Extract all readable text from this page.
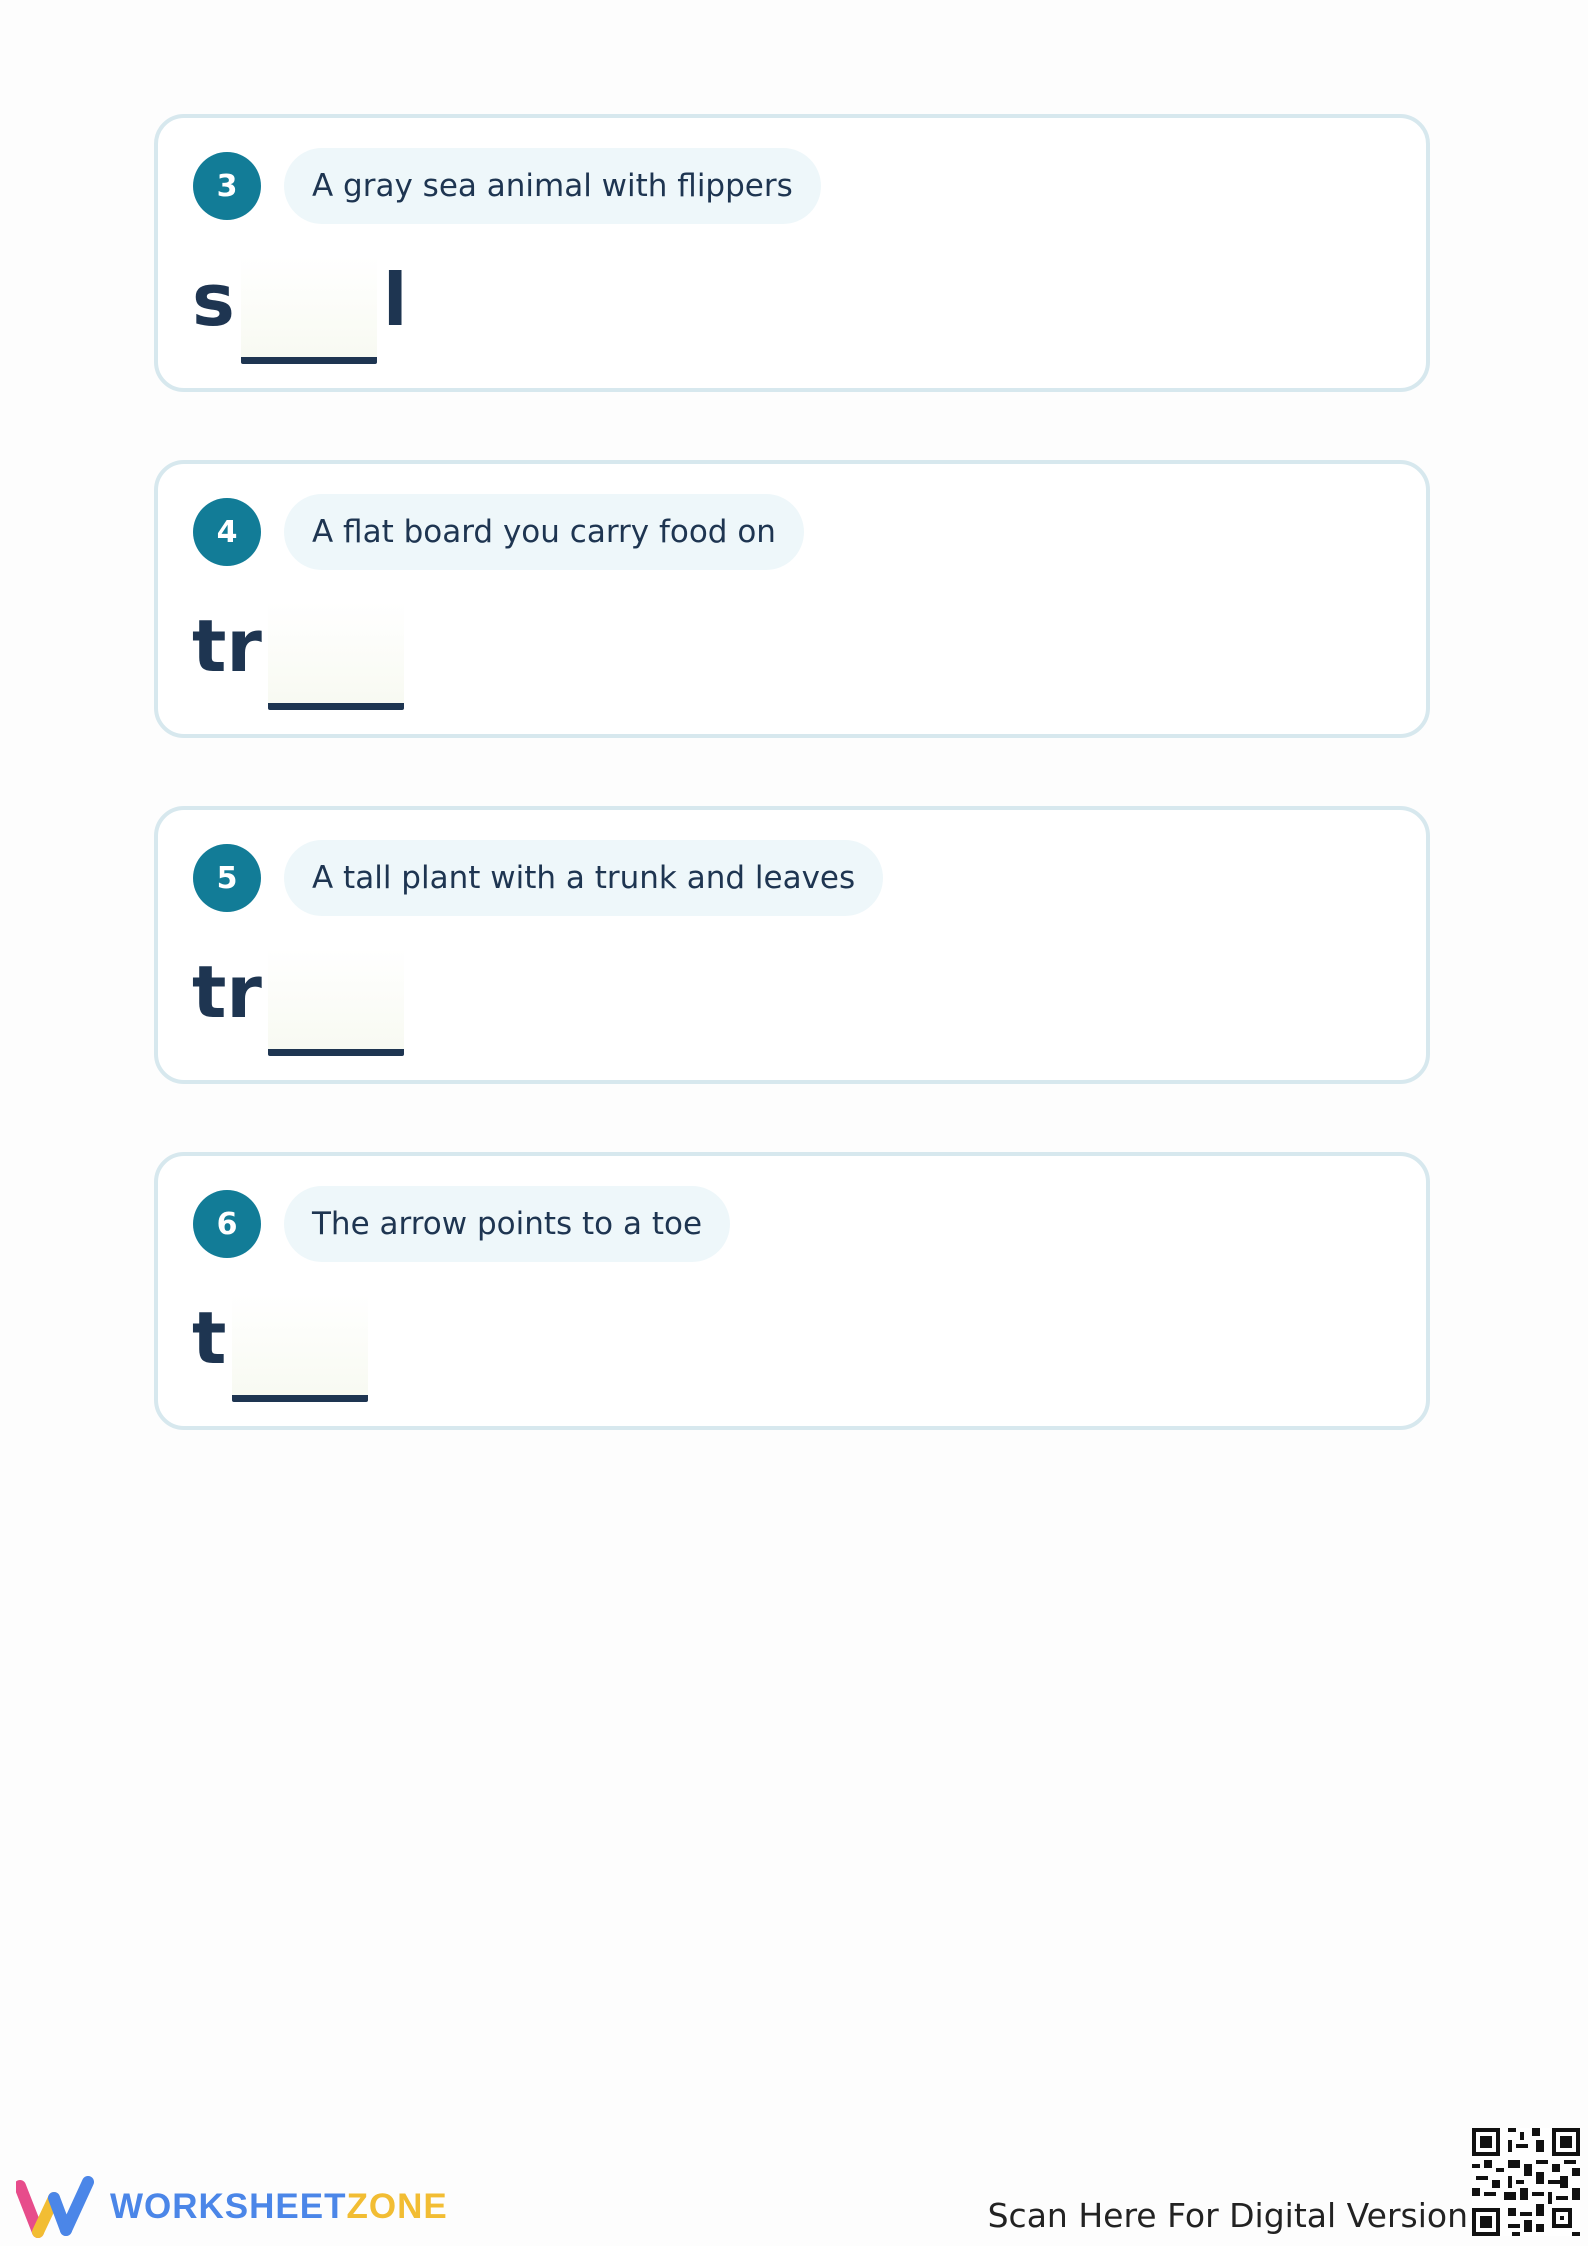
3	A gray sea animal with flippers
s l
4	A flat board you carry food on
tr
5	A tall plant with a trunk and leaves
tr
6	The arrow points to a toe
t
WORKSHEETZONE	Scan Here For Digital Version
